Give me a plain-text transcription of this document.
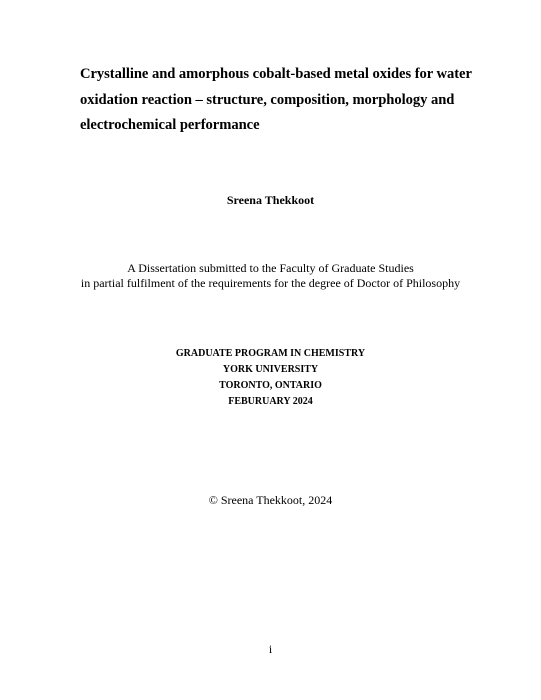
Crystalline and amorphous cobalt-based metal oxides for water
oxidation reaction – structure, composition, morphology and
electrochemical performance
Sreena Thekkoot
A Dissertation submitted to the Faculty of Graduate Studies
in partial fulfilment of the requirements for the degree of Doctor of Philosophy
GRADUATE PROGRAM IN CHEMISTRY
YORK UNIVERSITY
TORONTO, ONTARIO
FEBURUARY 2024
© Sreena Thekkoot, 2024
i
